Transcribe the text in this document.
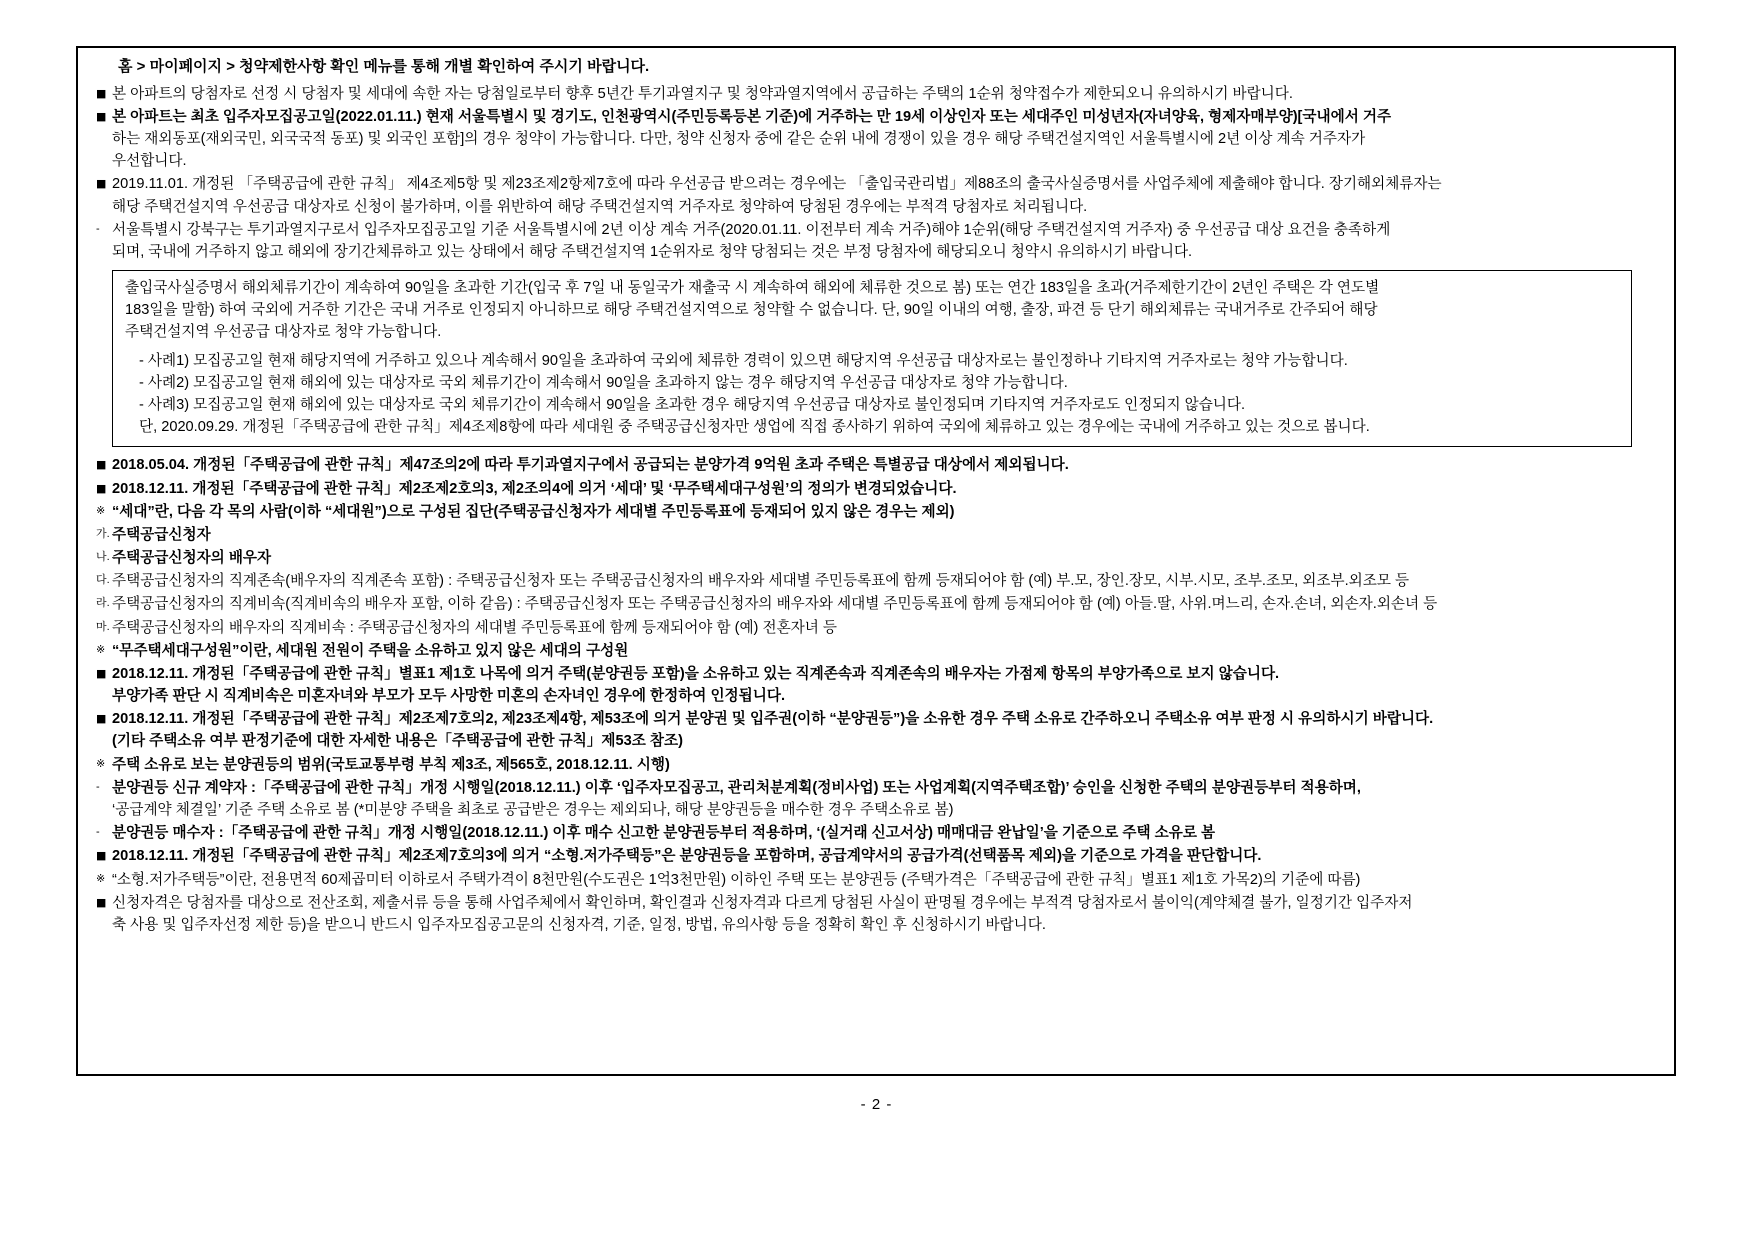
홈 > 마이페이지 > 청약제한사항 확인 메뉴를 통해 개별 확인하여 주시기 바랍니다.
■ 본 아파트의 당첨자로 선정 시 당첨자 및 세대에 속한 자는 당첨일로부터 향후 5년간 투기과열지구 및 청약과열지역에서 공급하는 주택의 1순위 청약접수가 제한되오니 유의하시기 바랍니다.
■ 본 아파트는 최초 입주자모집공고일(2022.01.11.) 현재 서울특별시 및 경기도, 인천광역시(주민등록등본 기준)에 거주하는 만 19세 이상인자 또는 세대주인 미성년자(자녀양육, 형제자매부양)[국내에서 거주
하는 재외동포(재외국민, 외국국적 동포) 및 외국인 포함]의 경우 청약이 가능합니다. 다만, 청약 신청자 중에 같은 순위 내에 경쟁이 있을 경우 해당 주택건설지역인 서울특별시에 2년 이상 계속 거주자가
우선합니다.
■ 2019.11.01. 개정된 「주택공급에 관한 규칙」 제4조제5항 및 제23조제2항제7호에 따라 우선공급 받으려는 경우에는 「출입국관리법」제88조의 출국사실증명서를 사업주체에 제출해야 합니다. 장기해외체류자는
해당 주택건설지역 우선공급 대상자로 신청이 불가하며, 이를 위반하여 해당 주택건설지역 거주자로 청약하여 당첨된 경우에는 부적격 당첨자로 처리됩니다.
- 서울특별시 강북구는 투기과열지구로서 입주자모집공고일 기준 서울특별시에 2년 이상 계속 거주(2020.01.11. 이전부터 계속 거주)해야 1순위(해당 주택건설지역 거주자) 중 우선공급 대상 요건을 충족하게
되며, 국내에 거주하지 않고 해외에 장기간체류하고 있는 상태에서 해당 주택건설지역 1순위자로 청약 당첨되는 것은 부정 당첨자에 해당되오니 청약시 유의하시기 바랍니다.
출입국사실증명서 해외체류기간이 계속하여 90일을 초과한 기간(입국 후 7일 내 동일국가 재출국 시 계속하여 해외에 체류한 것으로 봄) 또는 연간 183일을 초과(거주제한기간이 2년인 주택은 각 연도별
183일을 말함) 하여 국외에 거주한 기간은 국내 거주로 인정되지 아니하므로 해당 주택건설지역으로 청약할 수 없습니다. 단, 90일 이내의 여행, 출장, 파견 등 단기 해외체류는 국내거주로 간주되어 해당
주택건설지역 우선공급 대상자로 청약 가능합니다.
- 사례1) 모집공고일 현재 해당지역에 거주하고 있으나 계속해서 90일을 초과하여 국외에 체류한 경력이 있으면 해당지역 우선공급 대상자로는 불인정하나 기타지역 거주자로는 청약 가능합니다.
- 사례2) 모집공고일 현재 해외에 있는 대상자로 국외 체류기간이 계속해서 90일을 초과하지 않는 경우 해당지역 우선공급 대상자로 청약 가능합니다.
- 사례3) 모집공고일 현재 해외에 있는 대상자로 국외 체류기간이 계속해서 90일을 초과한 경우 해당지역 우선공급 대상자로 불인정되며 기타지역 거주자로도 인정되지 않습니다.
단, 2020.09.29. 개정된「주택공급에 관한 규칙」제4조제8항에 따라 세대원 중 주택공급신청자만 생업에 직접 종사하기 위하여 국외에 체류하고 있는 경우에는 국내에 거주하고 있는 것으로 봅니다.
■ 2018.05.04. 개정된「주택공급에 관한 규칙」제47조의2에 따라 투기과열지구에서 공급되는 분양가격 9억원 초과 주택은 특별공급 대상에서 제외됩니다.
■ 2018.12.11. 개정된「주택공급에 관한 규칙」제2조제2호의3, 제2조의4에 의거 ‘세대’ 및 ‘무주택세대구성원’의 정의가 변경되었습니다.
※ “세대”란, 다음 각 목의 사람(이하 “세대원”)으로 구성된 집단(주택공급신청자가 세대별 주민등록표에 등재되어 있지 않은 경우는 제외)
가. 주택공급신청자
나. 주택공급신청자의 배우자
다. 주택공급신청자의 직계존속(배우자의 직계존속 포함) : 주택공급신청자 또는 주택공급신청자의 배우자와 세대별 주민등록표에 함께 등재되어야 함 (예) 부.모, 장인.장모, 시부.시모, 조부.조모, 외조부.외조모 등
라. 주택공급신청자의 직계비속(직계비속의 배우자 포함, 이하 같음) : 주택공급신청자 또는 주택공급신청자의 배우자와 세대별 주민등록표에 함께 등재되어야 함 (예) 아들.딸, 사위.며느리, 손자.손녀, 외손자.외손녀 등
마. 주택공급신청자의 배우자의 직계비속 : 주택공급신청자의 세대별 주민등록표에 함께 등재되어야 함 (예) 전혼자녀 등
※ “무주택세대구성원”이란, 세대원 전원이 주택을 소유하고 있지 않은 세대의 구성원
■ 2018.12.11. 개정된「주택공급에 관한 규칙」별표1 제1호 나목에 의거 주택(분양권등 포함)을 소유하고 있는 직계존속과 직계존속의 배우자는 가점제 항목의 부양가족으로 보지 않습니다.
부양가족 판단 시 직계비속은 미혼자녀와 부모가 모두 사망한 미혼의 손자녀인 경우에 한정하여 인정됩니다.
■ 2018.12.11. 개정된「주택공급에 관한 규칙」제2조제7호의2, 제23조제4항, 제53조에 의거 분양권 및 입주권(이하 “분양권등”)을 소유한 경우 주택 소유로 간주하오니 주택소유 여부 판정 시 유의하시기 바랍니다.
(기타 주택소유 여부 판정기준에 대한 자세한 내용은「주택공급에 관한 규칙」제53조 참조)
※ 주택 소유로 보는 분양권등의 범위(국토교통부령 부칙 제3조, 제565호, 2018.12.11. 시행)
- 분양권등 신규 계약자 :「주택공급에 관한 규칙」개정 시행일(2018.12.11.) 이후 ‘입주자모집공고, 관리처분계획(정비사업) 또는 사업계획(지역주택조합)’ 승인을 신청한 주택의 분양권등부터 적용하며,
‘공급계약 체결일’ 기준 주택 소유로 봄 (*미분양 주택을 최초로 공급받은 경우는 제외되나, 해당 분양권등을 매수한 경우 주택소유로 봄)
- 분양권등 매수자 :「주택공급에 관한 규칙」개정 시행일(2018.12.11.) 이후 매수 신고한 분양권등부터 적용하며, ‘(실거래 신고서상) 매매대금 완납일’을 기준으로 주택 소유로 봄
■ 2018.12.11. 개정된「주택공급에 관한 규칙」제2조제7호의3에 의거 “소형.저가주택등”은 분양권등을 포함하며, 공급계약서의 공급가격(선택품목 제외)을 기준으로 가격을 판단합니다.
※ “소형.저가주택등”이란, 전용면적 60제곱미터 이하로서 주택가격이 8천만원(수도권은 1억3천만원) 이하인 주택 또는 분양권등 (주택가격은「주택공급에 관한 규칙」별표1 제1호 가목2)의 기준에 따름)
■ 신청자격은 당첨자를 대상으로 전산조회, 제출서류 등을 통해 사업주체에서 확인하며, 확인결과 신청자격과 다르게 당첨된 사실이 판명될 경우에는 부적격 당첨자로서 불이익(계약체결 불가, 일정기간 입주자저
축 사용 및 입주자선정 제한 등)을 받으니 반드시 입주자모집공고문의 신청자격, 기준, 일정, 방법, 유의사항 등을 정확히 확인 후 신청하시기 바랍니다.
- 2 -
